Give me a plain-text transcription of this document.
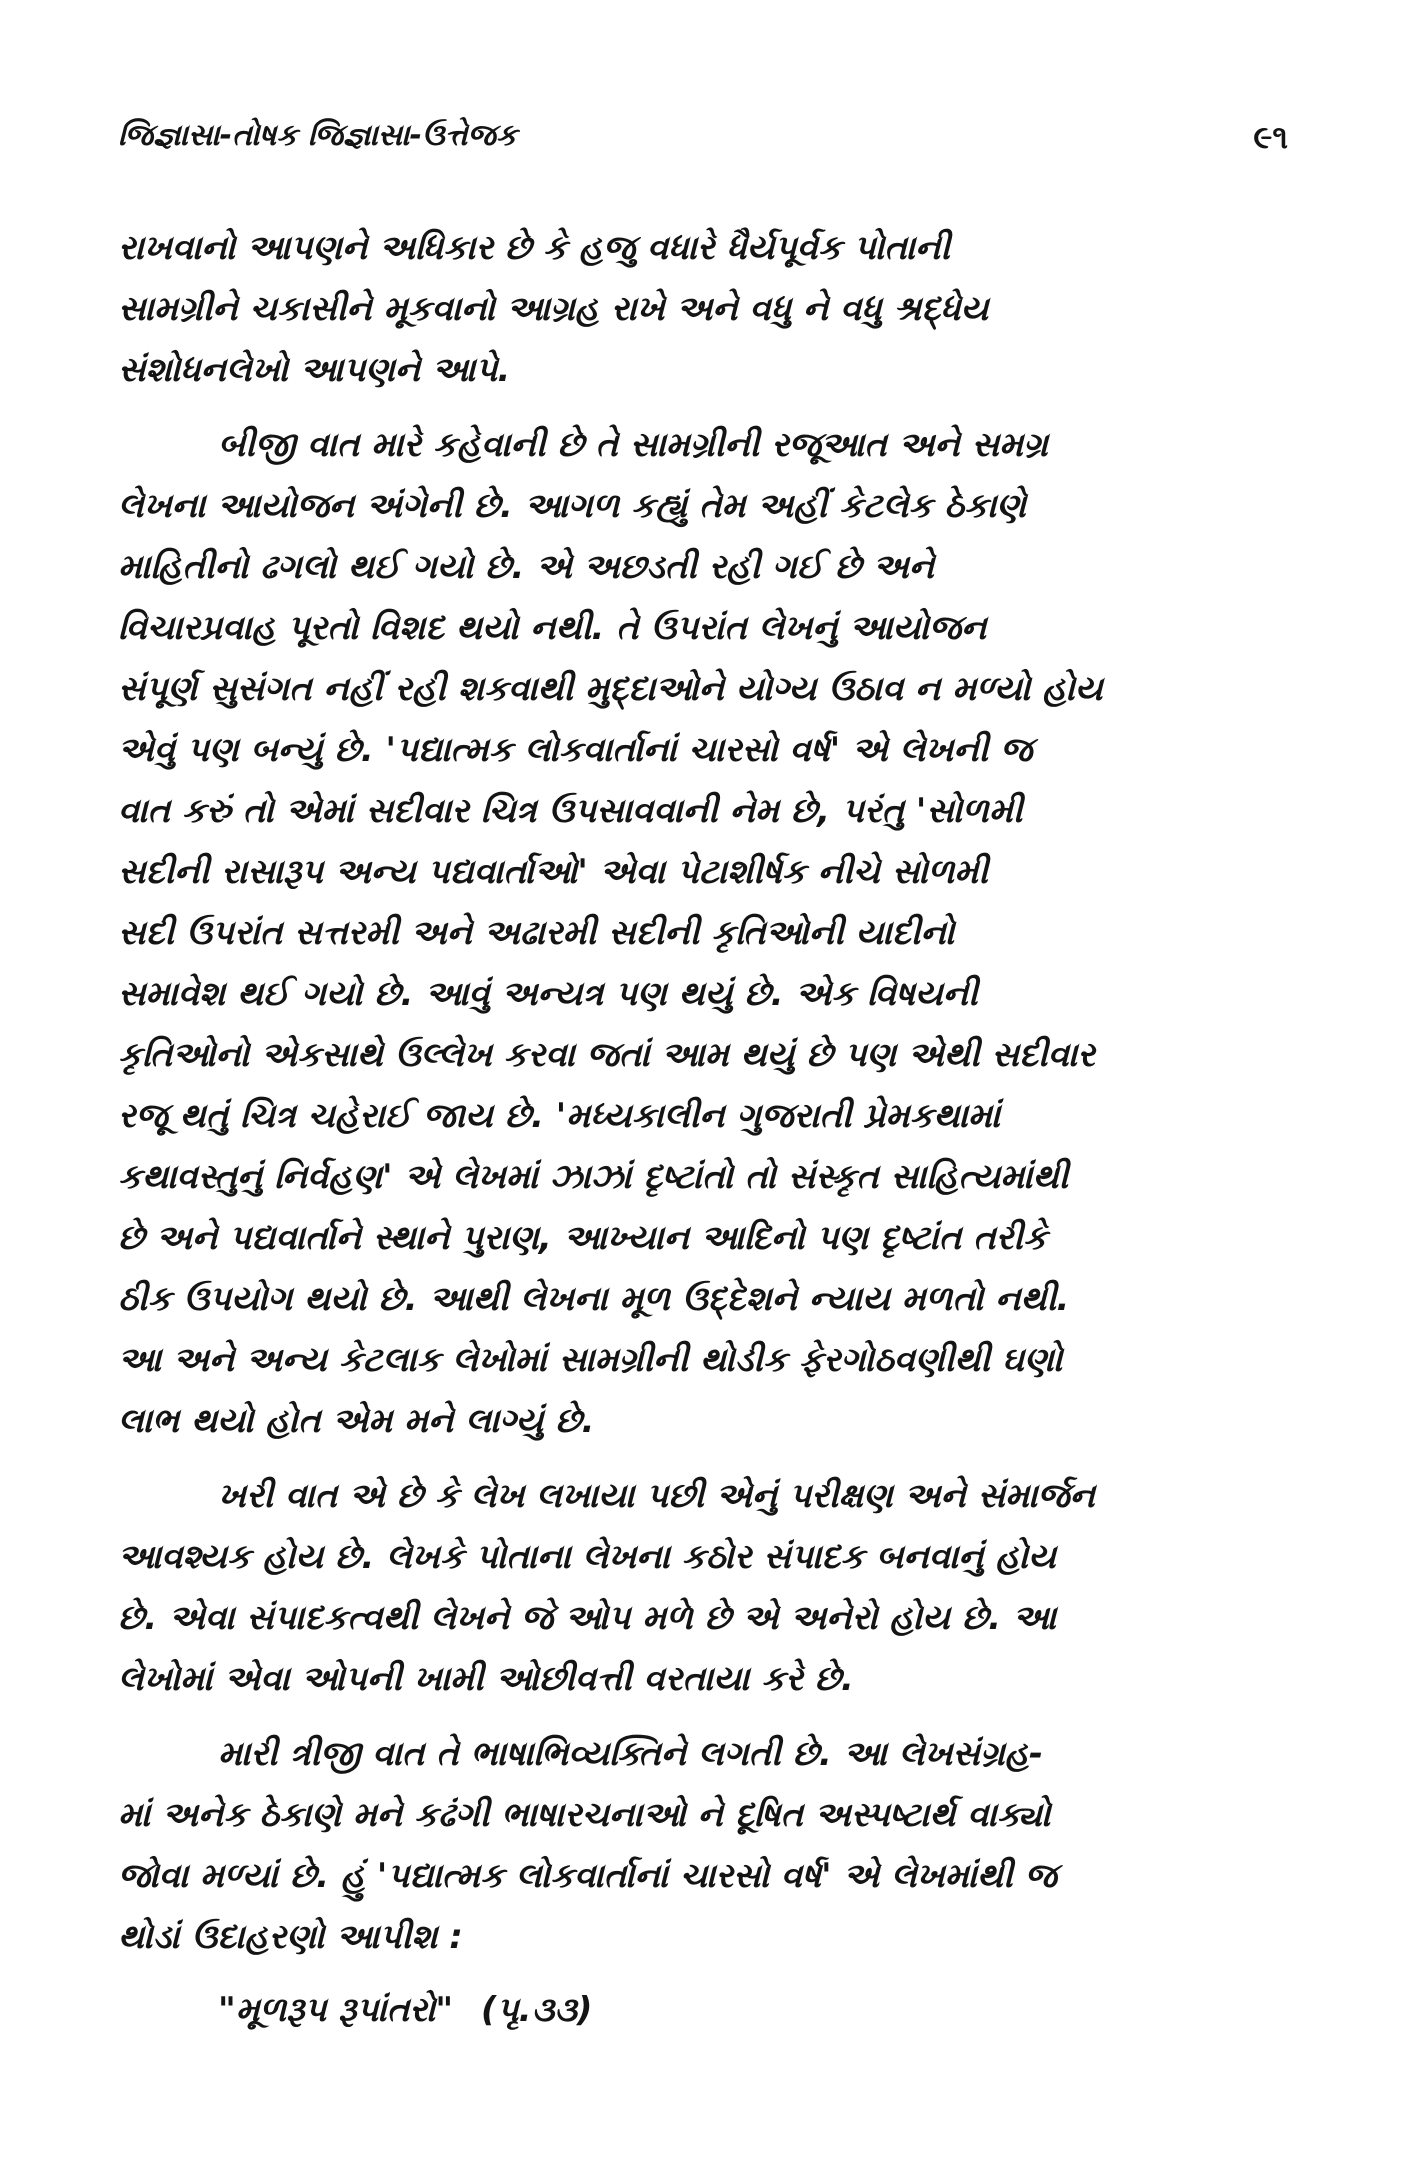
જિજ્ઞાસા-તોષક જિજ્ઞાસા-ઉત્તેજક	૯૧

રાખવાનો આપણને અધિકાર છે કે હજુ વધારે ધૈર્યપૂર્વક પોતાની
સામગ્રીને ચકાસીને મૂકવાનો આગ્રહ રાખે અને વધુ ને વધુ શ્રદ્ધેય
સંશોધનલેખો આપણને આપે.

બીજી વાત મારે કહેવાની છે તે સામગ્રીની રજૂઆત અને સમગ્ર
લેખના આયોજન અંગેની છે. આગળ કહ્યું તેમ અહીં કેટલેક ઠેકાણે
માહિતીનો ઢગલો થઈ ગયો છે. એ અછડતી રહી ગઈ છે અને
વિચારપ્રવાહ પૂરતો વિશદ થયો નથી. તે ઉપરાંત લેખનું આયોજન
સંપૂર્ણ સુસંગત નહીં રહી શકવાથી મુદ્દાઓને યોગ્ય ઉઠાવ ન મળ્યો હોય
એવું પણ બન્યું છે. 'પદ્યાત્મક લોકવાર્તાનાં ચારસો વર્ષ' એ લેખની જ
વાત કરું તો એમાં સદીવાર ચિત્ર ઉપસાવવાની નેમ છે, પરંતુ 'સોળમી
સદીની રાસારૂપ અન્ય પદ્યવાર્તાઓ' એવા પેટાશીર્ષક નીચે સોળમી
સદી ઉપરાંત સત્તરમી અને અઢારમી સદીની કૃતિઓની યાદીનો
સમાવેશ થઈ ગયો છે. આવું અન્યત્ર પણ થયું છે. એક વિષયની
કૃતિઓનો એકસાથે ઉલ્લેખ કરવા જતાં આમ થયું છે પણ એથી સદીવાર
રજૂ થતું ચિત્ર ચહેરાઈ જાય છે. 'મધ્યકાલીન ગુજરાતી પ્રેમકથામાં
કથાવસ્તુનું નિર્વહણ' એ લેખમાં ઝાઝાં દૃષ્ટાંતો તો સંસ્કૃત સાહિત્યમાંથી
છે અને પદ્યવાર્તાને સ્થાને પુરાણ, આખ્યાન આદિનો પણ દૃષ્ટાંત તરીકે
ઠીક ઉપયોગ થયો છે. આથી લેખના મૂળ ઉદ્દેશને ન્યાય મળતો નથી.
આ અને અન્ય કેટલાક લેખોમાં સામગ્રીની થોડીક ફેરગોઠવણીથી ઘણો
લાભ થયો હોત એમ મને લાગ્યું છે.

ખરી વાત એ છે કે લેખ લખાયા પછી એનું પરીક્ષણ અને સંમાર્જન
આવશ્યક હોય છે. લેખકે પોતાના લેખના કઠોર સંપાદક બનવાનું હોય
છે. એવા સંપાદકત્વથી લેખને જે ઓપ મળે છે એ અનેરો હોય છે. આ
લેખોમાં એવા ઓપની ખામી ઓછીવત્તી વરતાયા કરે છે.

મારી ત્રીજી વાત તે ભાષાભિવ્યક્તિને લગતી છે. આ લેખસંગ્રહ-
માં અનેક ઠેકાણે મને કઢંગી ભાષારચનાઓ ને દૂષિત અસ્પષ્ટાર્થ વાક્યો
જોવા મળ્યાં છે. હું 'પદ્યાત્મક લોકવાર્તાનાં ચારસો વર્ષ' એ લેખમાંથી જ
થોડાં ઉદાહરણો આપીશ :

"મૂળરૂપ રૂપાંતરો" (પૃ.૩૩)
